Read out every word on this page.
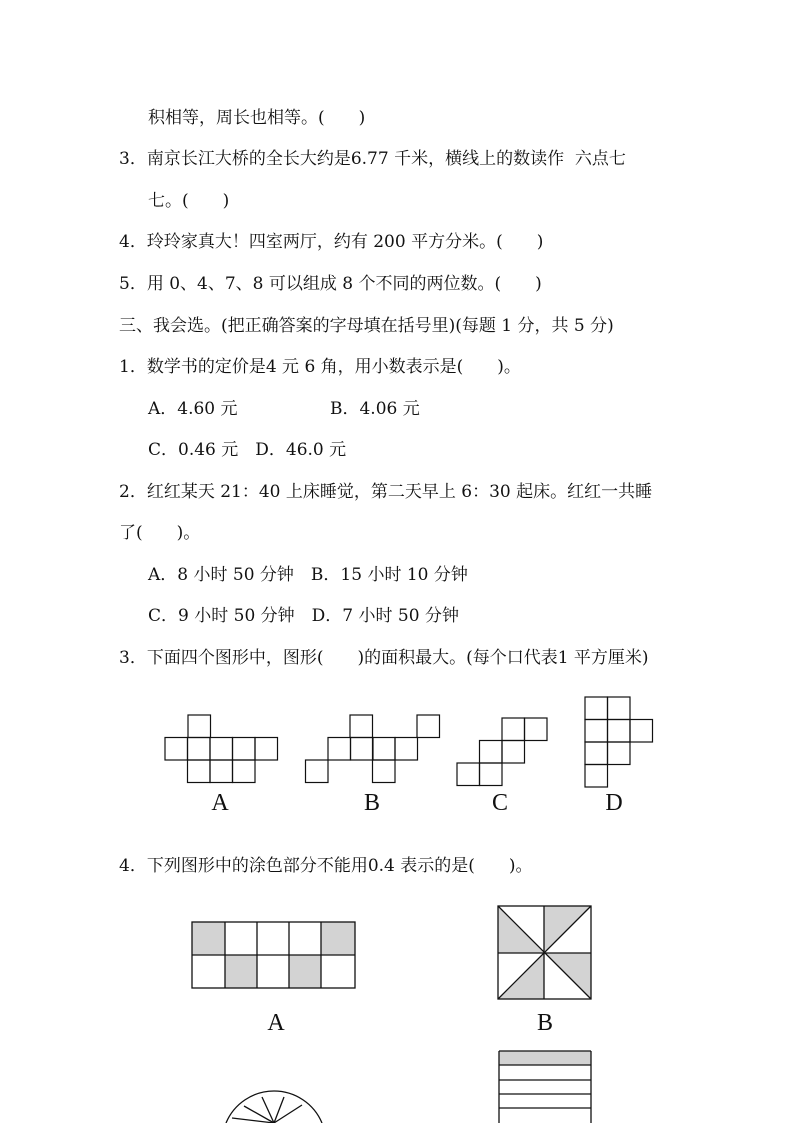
积相等，周长也相等。(　　)
3．南京长江大桥的全长大约是6.77 千米，横线上的数读作  六点七
七。(　　)
4．玲玲家真大！四室两厅，约有 200 平方分米。(　　)
5．用 0、4、7、8 可以组成 8 个不同的两位数。(　　)
三、我会选。(把正确答案的字母填在括号里)(每题 1 分，共 5 分)
1．数学书的定价是4 元 6 角，用小数表示是(　　)。
A．4.60 元	B．4.06 元
C．0.46 元　D．46.0 元
2．红红某天 21：40 上床睡觉，第二天早上 6：30 起床。红红一共睡
了(　　)。
A．8 小时 50 分钟　B．15 小时 10 分钟
C．9 小时 50 分钟　D．7 小时 50 分钟
3．下面四个图形中，图形(　　)的面积最大。(每个口代表1 平方厘米)
A	B	C	D
4．下列图形中的涂色部分不能用0.4 表示的是(　　)。
A	B
